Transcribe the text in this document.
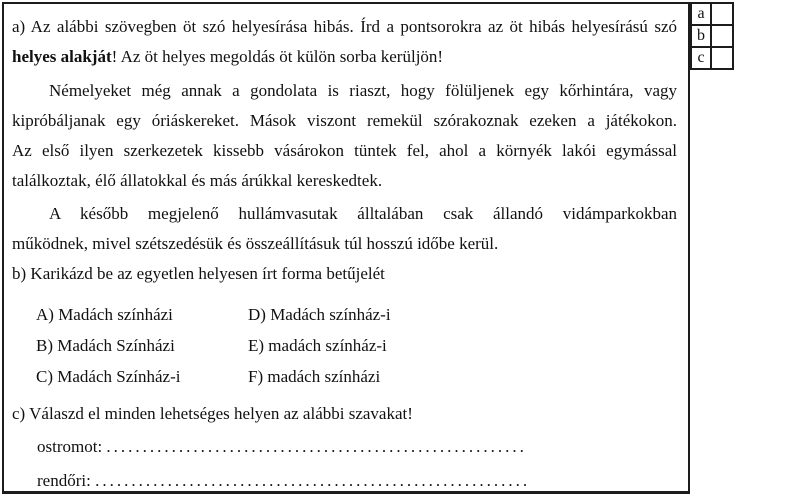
a) Az alábbi szövegben öt szó helyesírása hibás. Írd a pontsorokra az öt hibás helyesírású szó
helyes alakját! Az öt helyes megoldás öt külön sorba kerüljön!
Némelyeket még annak a gondolata is riaszt, hogy fölüljenek egy kőrhintára, vagy
kipróbáljanak egy óriáskereket. Mások viszont remekül szórakoznak ezeken a játékokon.
Az első ilyen szerkezetek kissebb vásárokon tüntek fel, ahol a környék lakói egymással
találkoztak, élő állatokkal és más árúkkal kereskedtek.
A később megjelenő hullámvasutak álltalában csak állandó vidámparkokban
működnek, mivel szétszedésük és összeállításuk túl hosszú időbe kerül.
b) Karikázd be az egyetlen helyesen írt forma betűjelét
A) Madách színházi	D) Madách színház-i
B) Madách Színházi	E) madách színház-i
C) Madách Színház-i	F) madách színházi
c) Válaszd el minden lehetséges helyen az alábbi szavakat!
ostromot: ..........................................................
rendőri: ............................................................
a	
b	
c	
